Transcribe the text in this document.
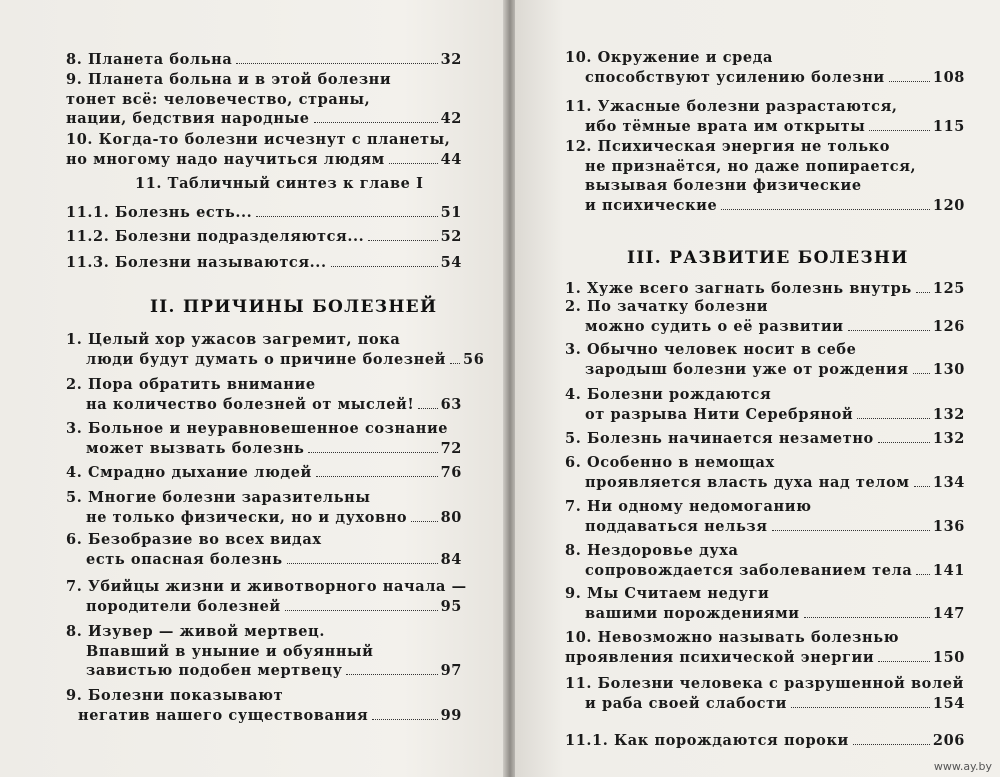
8. Планета больна	32
9. Планета больна и в этой болезни
тонет всё: человечество, страны,
нации, бедствия народные	42
10. Когда-то болезни исчезнут с планеты,
но многому надо научиться людям	44
11. Табличный синтез к главе I
11.1. Болезнь есть...	51
11.2. Болезни подразделяются...	52
11.3. Болезни называются...	54
II. ПРИЧИНЫ БОЛЕЗНЕЙ
1. Целый хор ужасов загремит, пока
люди будут думать о причине болезней 56
2. Пора обратить внимание
на количество болезней от мыслей! 63
3. Больное и неуравновешенное сознание
может вызвать болезнь	72
4. Смрадно дыхание людей	76
5. Многие болезни заразительны
не только физически, но и духовно 80
6. Безобразие во всех видах
есть опасная болезнь	84
7. Убийцы жизни и животворного начала —
породители болезней	95
8. Изувер — живой мертвец.
Впавший в уныние и обуянный
завистью подобен мертвецу	97
9. Болезни показывают
негатив нашего существования	99
10. Окружение и среда
способствуют усилению болезни	108
11. Ужасные болезни разрастаются,
ибо тёмные врата им открыты	115
12. Психическая энергия не только
не признаётся, но даже попирается,
вызывая болезни физические
и психические	120
III. РАЗВИТИЕ БОЛЕЗНИ
1. Хуже всего загнать болезнь внутрь 125
2. По зачатку болезни
можно судить о её развитии	126
3. Обычно человек носит в себе
зародыш болезни уже от рождения 130
4. Болезни рождаются
от разрыва Нити Серебряной	132
5. Болезнь начинается незаметно	132
6. Особенно в немощах
проявляется власть духа над телом 134
7. Ни одному недомоганию
поддаваться нельзя	136
8. Нездоровье духа
сопровождается заболеванием тела 141
9. Мы Считаем недуги
вашими порождениями	147
10. Невозможно называть болезнью
проявления психической энергии	150
11. Болезни человека с разрушенной волей
и раба своей слабости	154
11.1. Как порождаются пороки	206
www.ay.by
